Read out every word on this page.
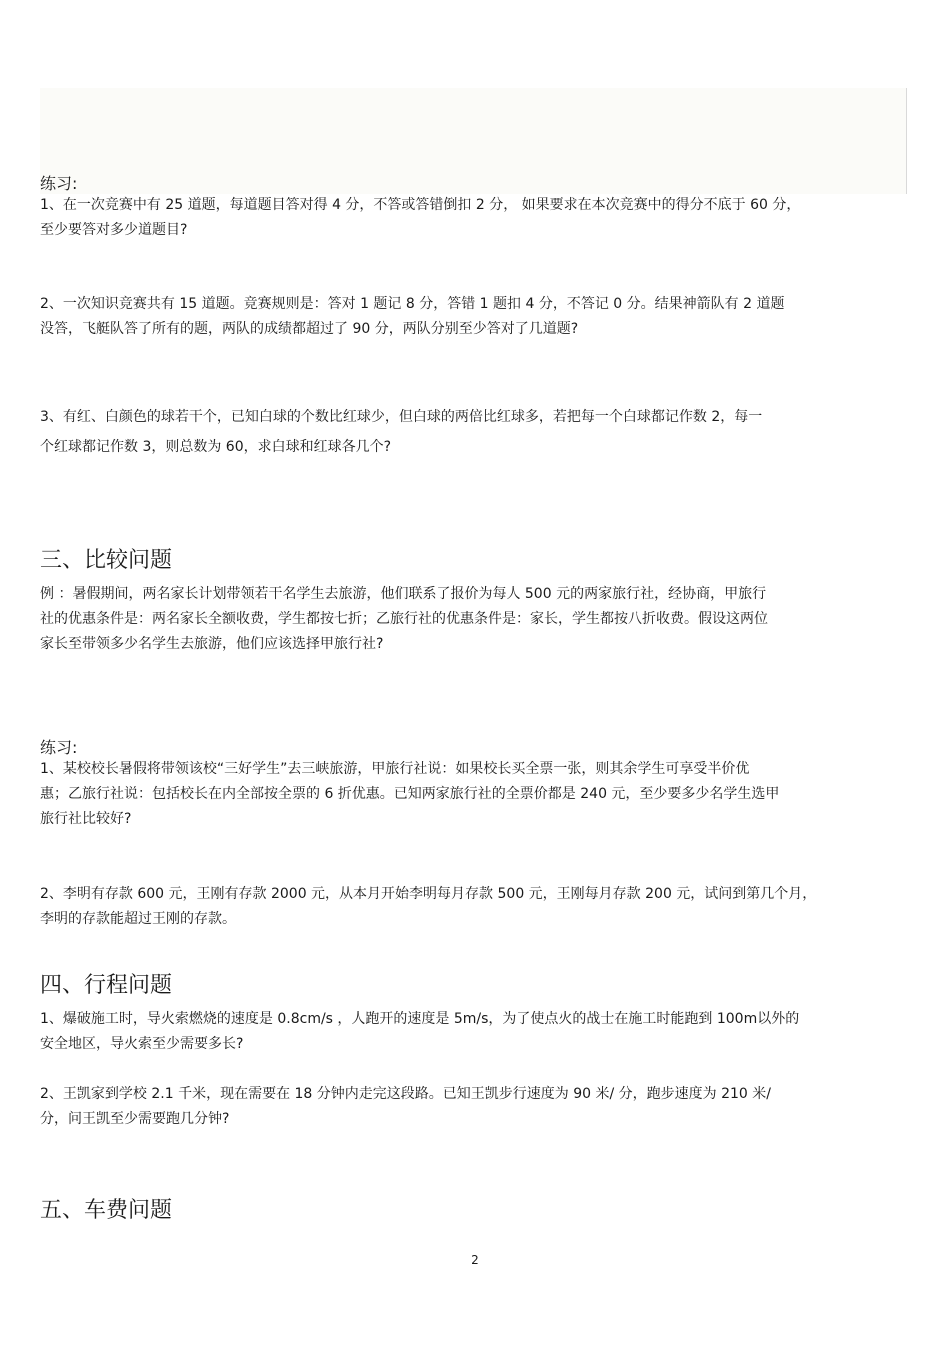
练习:
1、在一次竞赛中有 25 道题，每道题目答对得 4 分，不答或答错倒扣 2 分， 如果要求在本次竞赛中的得分不底于 60 分，
至少要答对多少道题目?
2、一次知识竞赛共有 15 道题。竞赛规则是：答对 1 题记 8 分，答错 1 题扣 4 分，不答记 0 分。结果神箭队有 2 道题
没答，飞艇队答了所有的题，两队的成绩都超过了 90 分，两队分别至少答对了几道题?
3、有红、白颜色的球若干个，已知白球的个数比红球少，但白球的两倍比红球多，若把每一个白球都记作数 2，每一
个红球都记作数 3，则总数为 60，求白球和红球各几个?
三、比较问题
例 ：暑假期间，两名家长计划带领若干名学生去旅游，他们联系了报价为每人 500 元的两家旅行社，经协商，甲旅行
社的优惠条件是：两名家长全额收费，学生都按七折；乙旅行社的优惠条件是：家长，学生都按八折收费。假设这两位
家长至带领多少名学生去旅游，他们应该选择甲旅行社?
练习:
1、某校校长暑假将带领该校“三好学生”去三峡旅游，甲旅行社说：如果校长买全票一张，则其余学生可享受半价优
惠；乙旅行社说：包括校长在内全部按全票的 6 折优惠。已知两家旅行社的全票价都是 240 元，至少要多少名学生选甲
旅行社比较好?
2、李明有存款 600 元，王刚有存款 2000 元，从本月开始李明每月存款 500 元，王刚每月存款 200 元，试问到第几个月，
李明的存款能超过王刚的存款。
四、行程问题
1、爆破施工时，导火索燃烧的速度是 0.8cm/s ，人跑开的速度是 5m/s，为了使点火的战士在施工时能跑到 100m以外的
安全地区，导火索至少需要多长?
2、王凯家到学校 2.1 千米，现在需要在 18 分钟内走完这段路。已知王凯步行速度为 90 米/ 分，跑步速度为 210 米/
分，问王凯至少需要跑几分钟?
五、车费问题
2
